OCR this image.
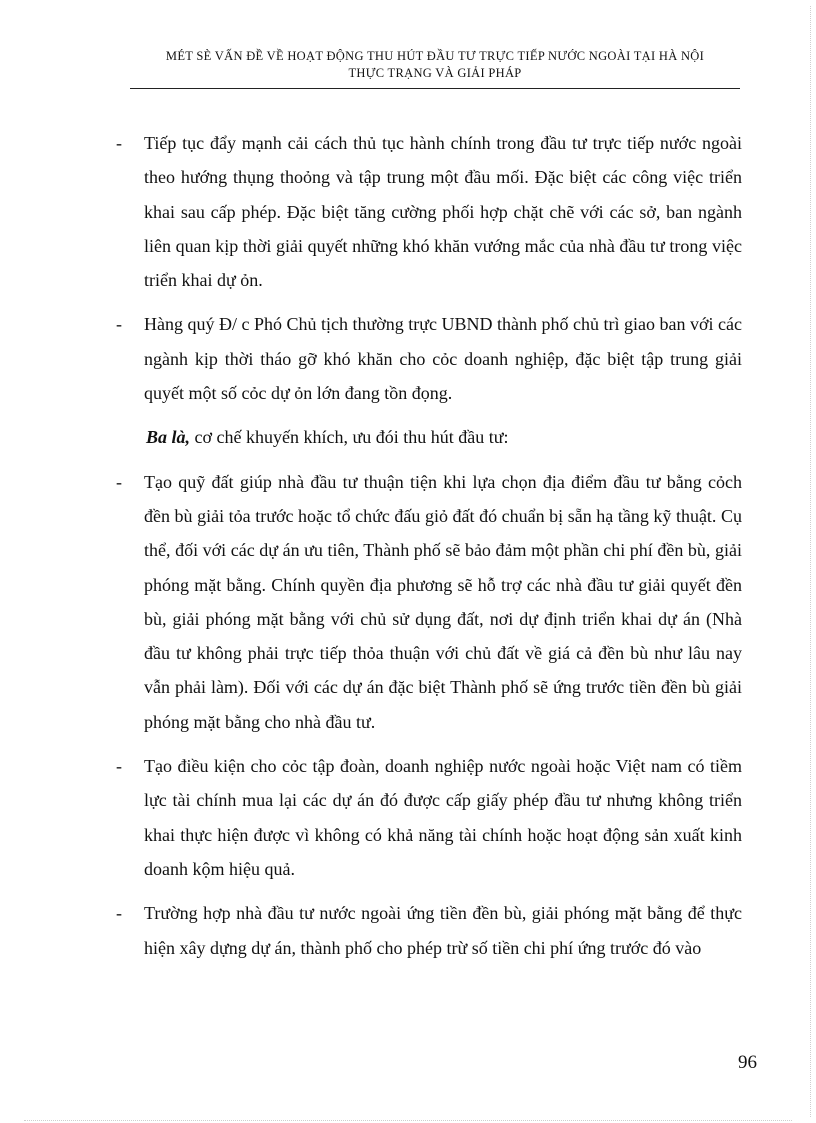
MÉT SÈ VẤN ĐỀ VỀ HOẠT ĐỘNG THU HÚT ĐẦU TƯ TRỰC TIẾP NƯỚC NGOÀI TẠI HÀ NỘI
THỰC TRẠNG VÀ GIẢI PHÁP
-	Tiếp tục đẩy mạnh cải cách thủ tục hành chính trong đầu tư trực tiếp nước ngoài theo hướng thụng thoỏng và tập trung một đầu mối. Đặc biệt các công việc triển khai sau cấp phép. Đặc biệt tăng cường phối hợp chặt chẽ với các sở, ban ngành liên quan kịp thời giải quyết những khó khăn vướng mắc của nhà đầu tư trong việc triển khai dự ỏn.
-	Hàng quý Đ/ c Phó Chủ tịch thường trực UBND thành phố chủ trì giao ban với các ngành kịp thời tháo gỡ khó khăn cho cỏc doanh nghiệp, đặc biệt tập trung giải quyết một số cỏc dự ỏn lớn đang tồn đọng.
Ba là, cơ chế khuyến khích, ưu đói thu hút đầu tư:
-	Tạo quỹ đất giúp nhà đầu tư thuận tiện khi lựa chọn địa điểm đầu tư bằng cỏch đền bù giải tỏa trước hoặc tổ chức đấu giỏ đất đó chuẩn bị sẵn hạ tầng kỹ thuật. Cụ thể, đối với các dự án ưu tiên, Thành phố sẽ bảo đảm một phần chi phí đền bù, giải phóng mặt bằng. Chính quyền địa phương sẽ hỗ trợ các nhà đầu tư giải quyết đền bù, giải phóng mặt bằng với chủ sử dụng đất, nơi dự định triển khai dự án (Nhà đầu tư không phải trực tiếp thỏa thuận với chủ đất về giá cả đền bù như lâu nay vẫn phải làm). Đối với các dự án đặc biệt Thành phố sẽ ứng trước tiền đền bù giải phóng mặt bằng cho nhà đầu tư.
-	Tạo điều kiện cho cỏc tập đoàn, doanh nghiệp nước ngoài hoặc Việt nam có tiềm lực tài chính mua lại các dự án đó được cấp giấy phép đầu tư nhưng không triển khai thực hiện được vì không có khả năng tài chính hoặc hoạt động sản xuất kinh doanh kộm hiệu quả.
-	Trường hợp nhà đầu tư nước ngoài ứng tiền đền bù, giải phóng mặt bằng để thực hiện xây dựng dự án, thành phố cho phép trừ số tiền chi phí ứng trước đó vào
96
